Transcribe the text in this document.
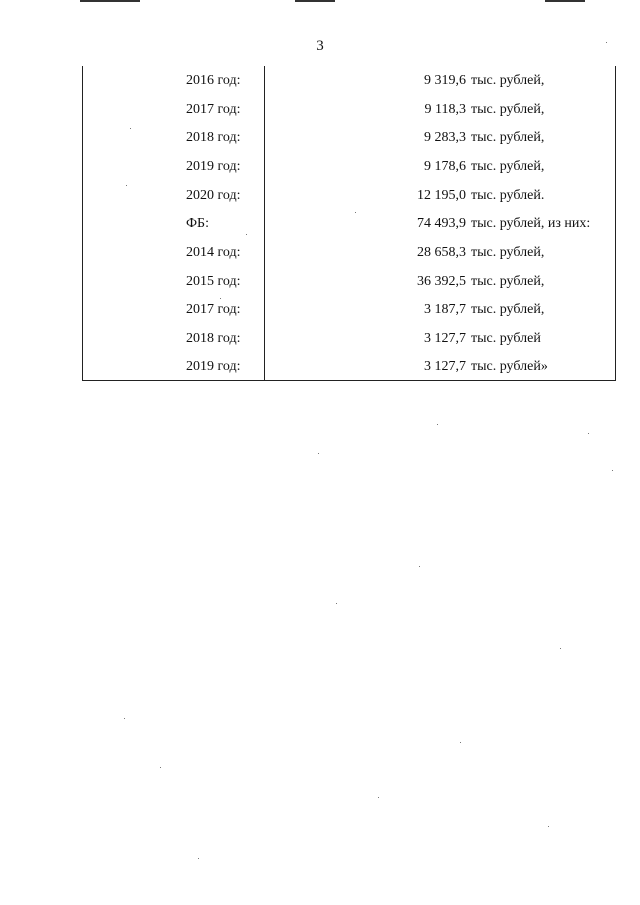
3
2016 год:	9 319,6 тыс. рублей,
2017 год:	9 118,3 тыс. рублей,
2018 год:	9 283,3 тыс. рублей,
2019 год:	9 178,6 тыс. рублей,
2020 год:	12 195,0 тыс. рублей.
ФБ:	74 493,9 тыс. рублей, из них:
2014 год:	28 658,3 тыс. рублей,
2015 год:	36 392,5 тыс. рублей,
2017 год:	3 187,7 тыс. рублей,
2018 год:	3 127,7 тыс. рублей
2019 год:	3 127,7 тыс. рублей»
